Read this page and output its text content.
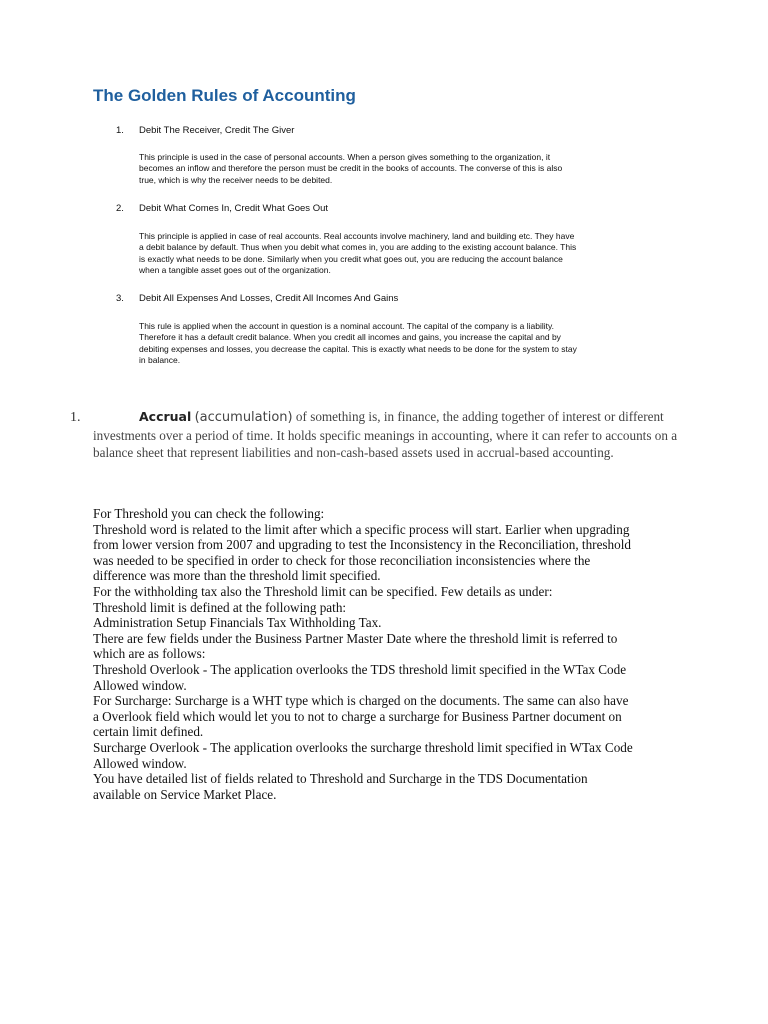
The Golden Rules of Accounting
1. Debit The Receiver, Credit The Giver
This principle is used in the case of personal accounts. When a person gives something to the organization, it
becomes an inflow and therefore the person must be credit in the books of accounts. The converse of this is also
true, which is why the receiver needs to be debited.
2. Debit What Comes In, Credit What Goes Out
This principle is applied in case of real accounts. Real accounts involve machinery, land and building etc. They have
a debit balance by default. Thus when you debit what comes in, you are adding to the existing account balance. This
is exactly what needs to be done. Similarly when you credit what goes out, you are reducing the account balance
when a tangible asset goes out of the organization.
3. Debit All Expenses And Losses, Credit All Incomes And Gains
This rule is applied when the account in question is a nominal account. The capital of the company is a liability.
Therefore it has a default credit balance. When you credit all incomes and gains, you increase the capital and by
debiting expenses and losses, you decrease the capital. This is exactly what needs to be done for the system to stay
in balance.
1.	Accrual (accumulation) of something is, in finance, the adding together of interest or different investments over a period of time. It holds specific meanings in accounting, where it can refer to accounts on a balance sheet that represent liabilities and non-cash-based assets used in accrual-based accounting.

For Threshold you can check the following:
Threshold word is related to the limit after which a specific process will start. Earlier when upgrading
from lower version from 2007 and upgrading to test the Inconsistency in the Reconciliation, threshold
was needed to be specified in order to check for those reconciliation inconsistencies where the
difference was more than the threshold limit specified.
For the withholding tax also the Threshold limit can be specified. Few details as under:
Threshold limit is defined at the following path:
Administration Setup Financials Tax Withholding Tax.
There are few fields under the Business Partner Master Date where the threshold limit is referred to
which are as follows:
Threshold Overlook - The application overlooks the TDS threshold limit specified in the WTax Code
Allowed window.
For Surcharge: Surcharge is a WHT type which is charged on the documents. The same can also have
a Overlook field which would let you to not to charge a surcharge for Business Partner document on
certain limit defined.
Surcharge Overlook - The application overlooks the surcharge threshold limit specified in WTax Code
Allowed window.
You have detailed list of fields related to Threshold and Surcharge in the TDS Documentation
available on Service Market Place.
